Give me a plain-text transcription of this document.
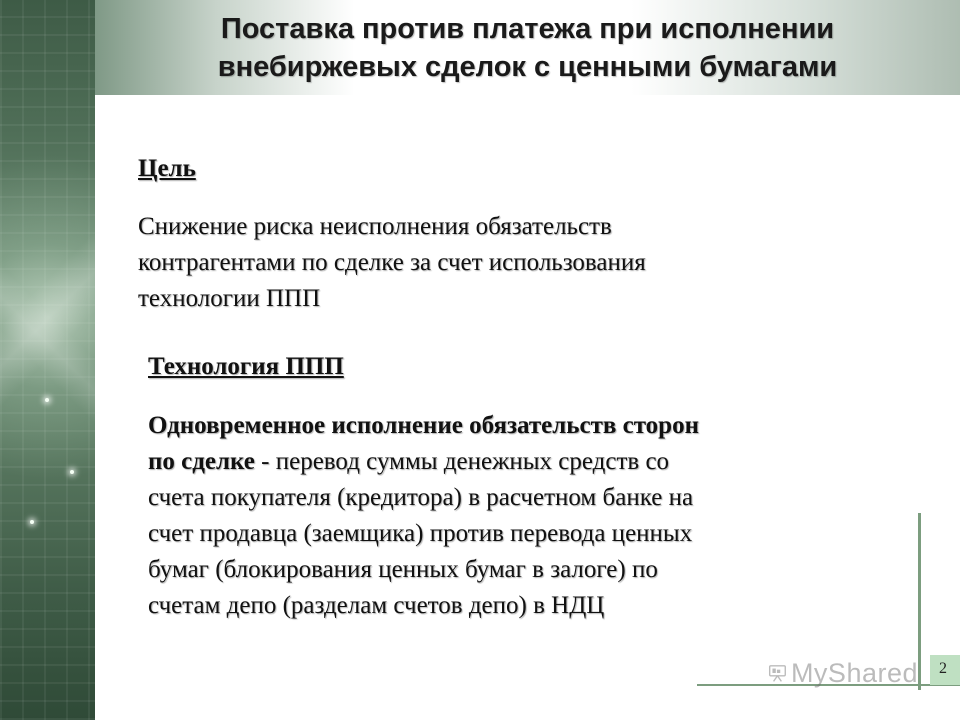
Поставка против платежа при исполнении
внебиржевых сделок с ценными бумагами
Цель

Снижение риска неисполнения обязательств
контрагентами по сделке за счет использования
технологии ППП

Технология ППП

Одновременное исполнение обязательств сторон
по сделке - перевод суммы денежных средств со
счета покупателя (кредитора) в расчетном банке на
счет продавца (заемщика) против перевода ценных
бумаг (блокирования ценных бумаг в залоге) по
счетам депо (разделам счетов депо) в НДЦ

MyShared	2
